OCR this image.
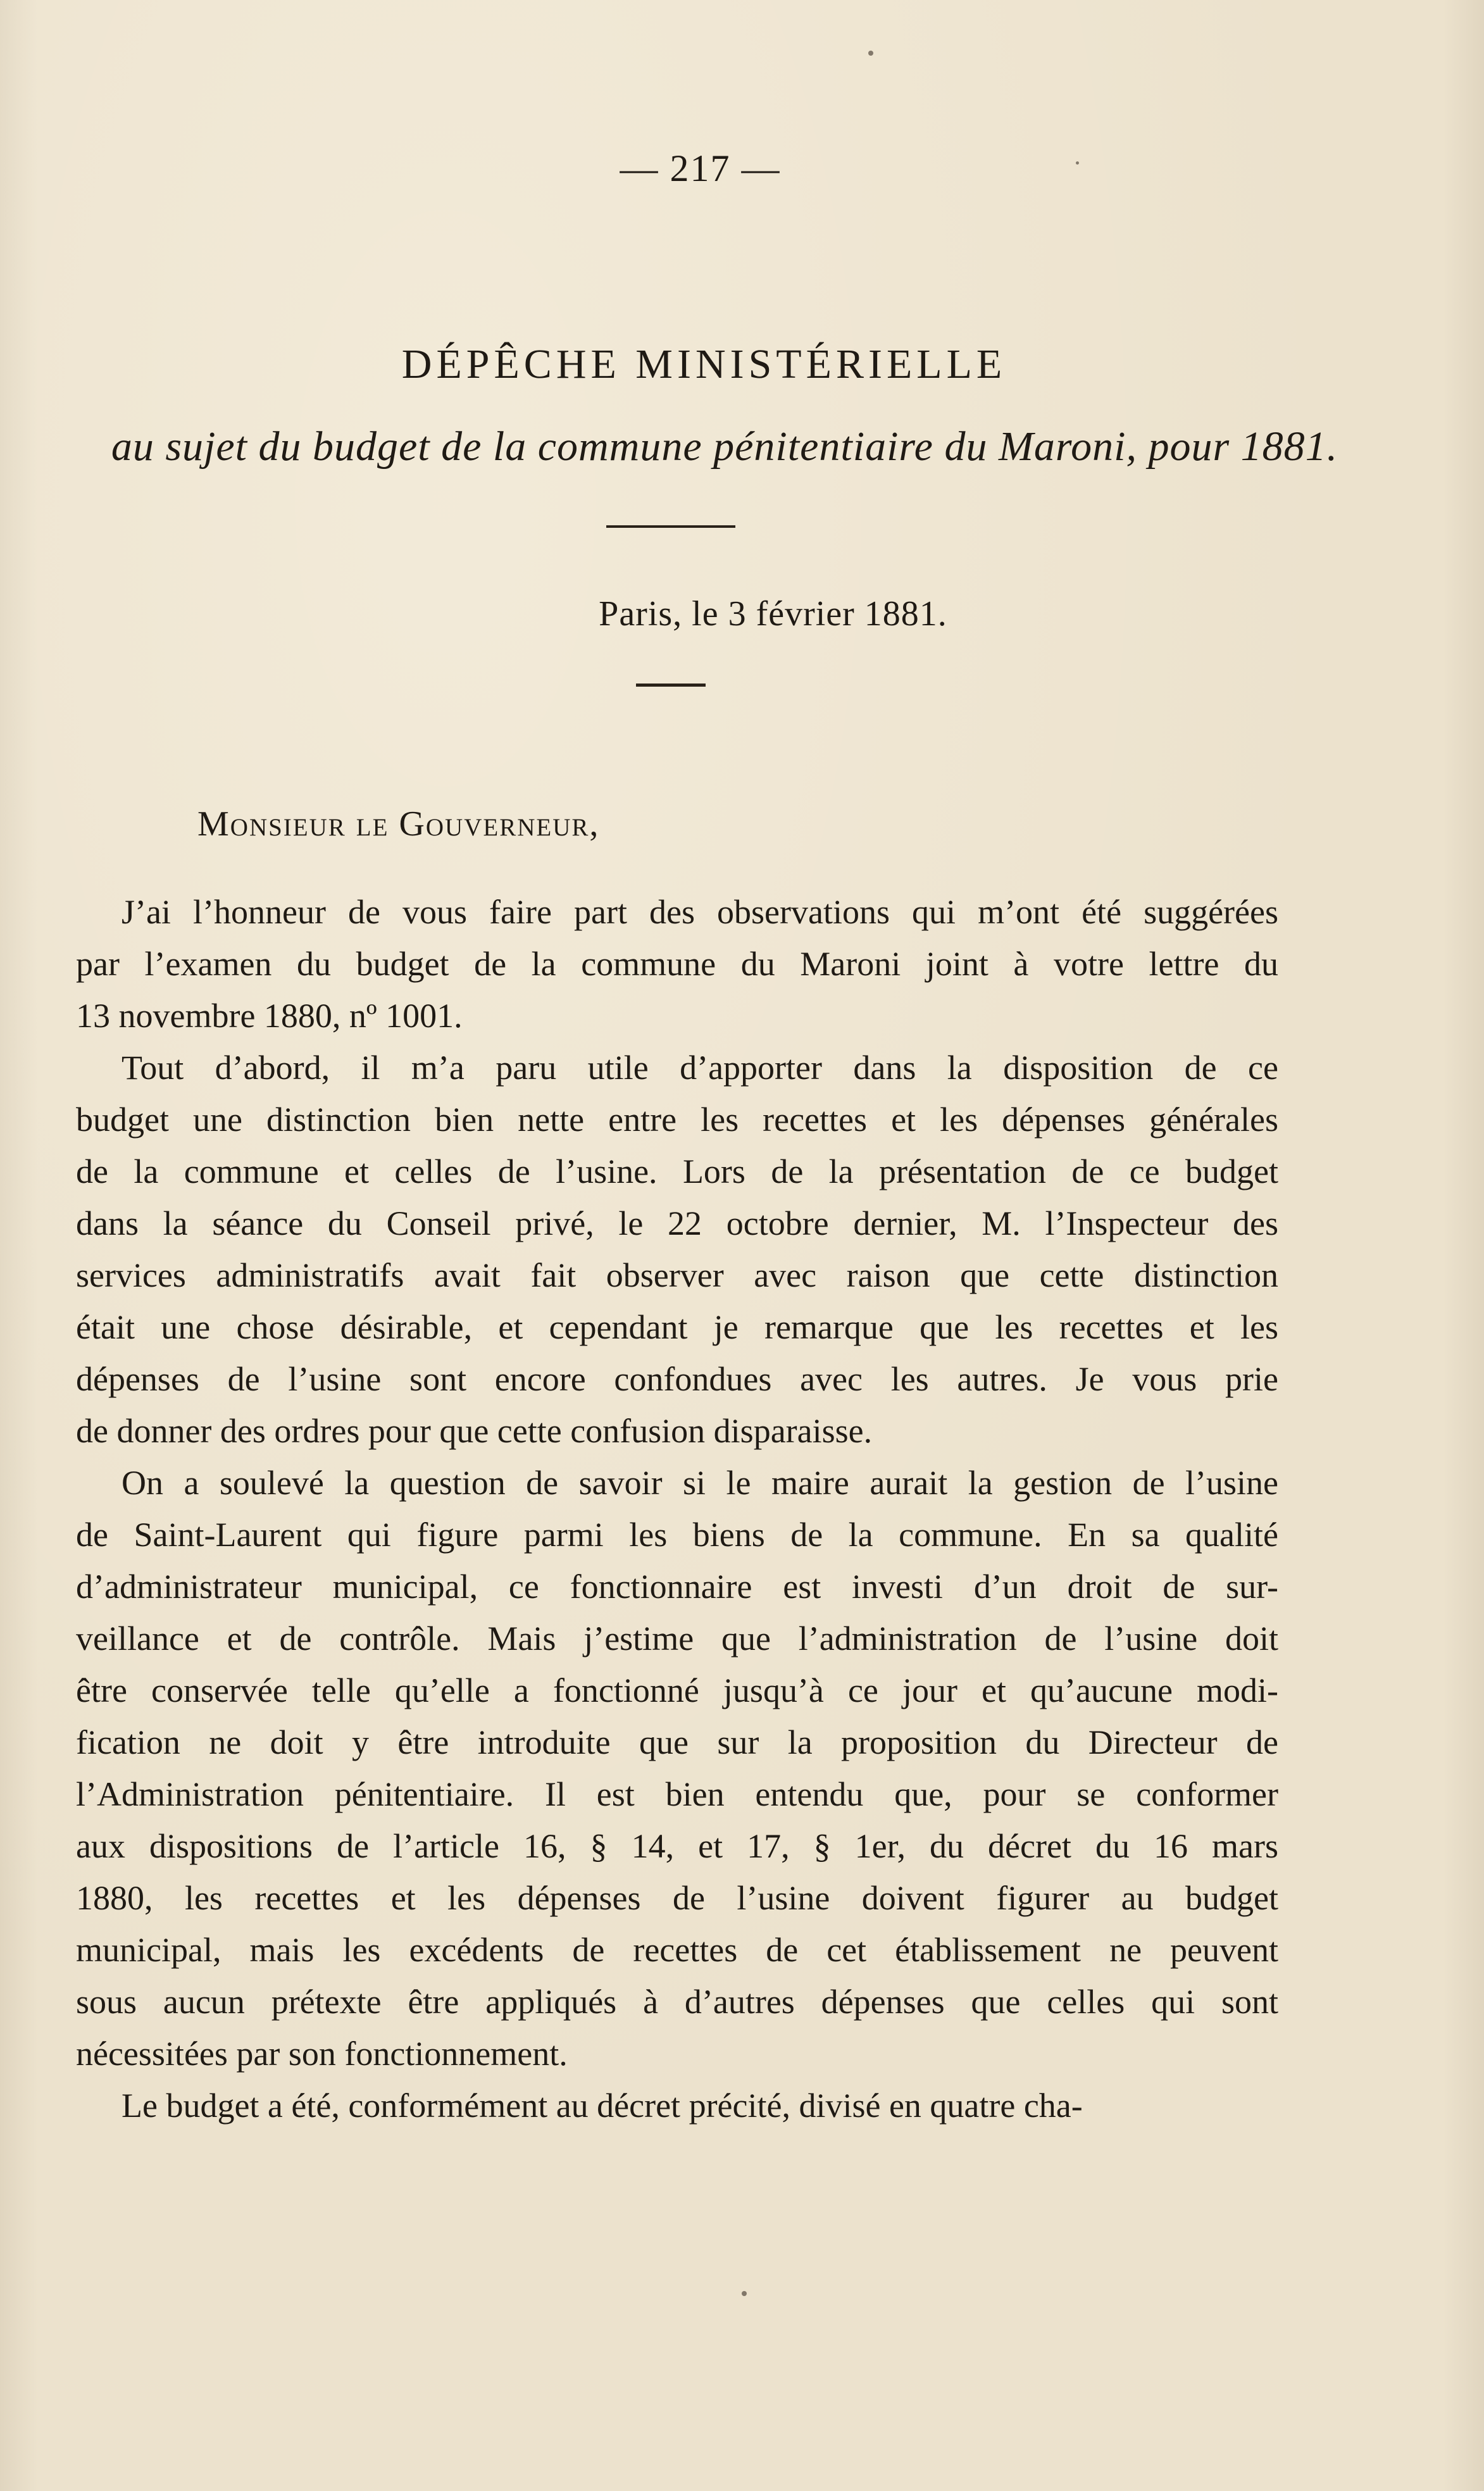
— 217 —
DÉPÊCHE MINISTÉRIELLE
au sujet du budget de la commune pénitentiaire du Maroni, pour 1881.
Paris, le 3 février 1881.
Monsieur le Gouverneur,
J’ai l’honneur de vous faire part des observations qui m’ont été suggérées
par l’examen du budget de la commune du Maroni joint à votre lettre du
13 novembre 1880, nº 1001.
Tout d’abord, il m’a paru utile d’apporter dans la disposition de ce
budget une distinction bien nette entre les recettes et les dépenses générales
de la commune et celles de l’usine. Lors de la présentation de ce budget
dans la séance du Conseil privé, le 22 octobre dernier, M. l’Inspecteur des
services administratifs avait fait observer avec raison que cette distinction
était une chose désirable, et cependant je remarque que les recettes et les
dépenses de l’usine sont encore confondues avec les autres. Je vous prie
de donner des ordres pour que cette confusion disparaisse.
On a soulevé la question de savoir si le maire aurait la gestion de l’usine
de Saint-Laurent qui figure parmi les biens de la commune. En sa qualité
d’administrateur municipal, ce fonctionnaire est investi d’un droit de sur-
veillance et de contrôle. Mais j’estime que l’administration de l’usine doit
être conservée telle qu’elle a fonctionné jusqu’à ce jour et qu’aucune modi-
fication ne doit y être introduite que sur la proposition du Directeur de
l’Administration pénitentiaire. Il est bien entendu que, pour se conformer
aux dispositions de l’article 16, § 14, et 17, § 1er, du décret du 16 mars
1880, les recettes et les dépenses de l’usine doivent figurer au budget
municipal, mais les excédents de recettes de cet établissement ne peuvent
sous aucun prétexte être appliqués à d’autres dépenses que celles qui sont
nécessitées par son fonctionnement.
Le budget a été, conformément au décret précité, divisé en quatre cha-
